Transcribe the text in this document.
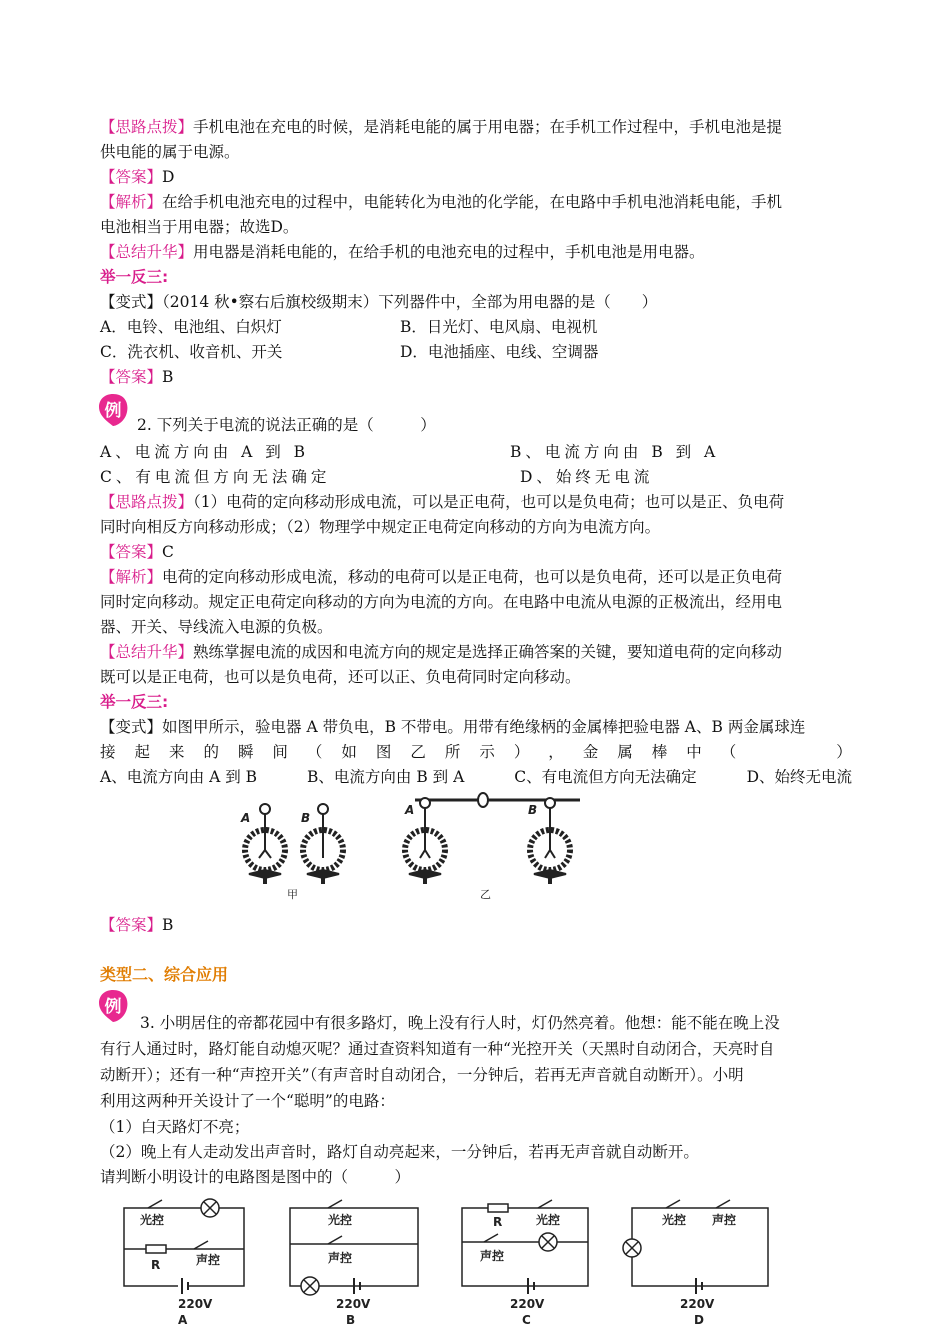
【思路点拨】手机电池在充电的时候，是消耗电能的属于用电器；在手机工作过程中，手机电池是提
供电能的属于电源。
【答案】D
【解析】在给手机电池充电的过程中，电能转化为电池的化学能，在电路中手机电池消耗电能，手机
电池相当于用电器；故选D。
【总结升华】用电器是消耗电能的，在给手机的电池充电的过程中，手机电池是用电器。
举一反三:
【变式】（2014 秋•察右后旗校级期末）下列器件中，全部为用电器的是（　　）
A．电铃、电池组、白炽灯	B．日光灯、电风扇、电视机
C．洗衣机、收音机、开关	D．电池插座、电线、空调器
【答案】B
例
2. 下列关于电流的说法正确的是（　　　）
A、电流方向由 A 到 B	B、电流方向由 B 到 A
C、有电流但方向无法确定	D、始终无电流
【思路点拨】（1）电荷的定向移动形成电流，可以是正电荷，也可以是负电荷；也可以是正、负电荷
同时向相反方向移动形成；（2）物理学中规定正电荷定向移动的方向为电流方向。
【答案】C
【解析】电荷的定向移动形成电流，移动的电荷可以是正电荷，也可以是负电荷，还可以是正负电荷
同时定向移动。规定正电荷定向移动的方向为电流的方向。在电路中电流从电源的正极流出，经用电
器、开关、导线流入电源的负极。
【总结升华】熟练掌握电流的成因和电流方向的规定是选择正确答案的关键，要知道电荷的定向移动
既可以是正电荷，也可以是负电荷，还可以正、负电荷同时定向移动。
举一反三:
【变式】如图甲所示，验电器 A 带负电，B 不带电。用带有绝缘柄的金属棒把验电器 A、B 两金属球连
接 起 来 的 瞬 间 （ 如 图 乙 所 示 ） ， 金 属 棒 中 （
　　　　	）
A、电流方向由 A 到 B	B、电流方向由 B 到 A	C、有电流但方向无法确定	D、始终无电流
A	B
A	B
甲	乙
【答案】B
类型二、综合应用
例
3. 小明居住的帝都花园中有很多路灯，晚上没有行人时，灯仍然亮着。他想：能不能在晚上没
有行人通过时，路灯能自动熄灭呢？通过查资料知道有一种“光控开关（天黑时自动闭合，天亮时自
动断开）；还有一种“声控开关”（有声音时自动闭合，一分钟后，若再无声音就自动断开）。小明
利用这两种开关设计了一个“聪明”的电路：
（1）白天路灯不亮；
（2）晚上有人走动发出声音时，路灯自动亮起来，一分钟后，若再无声音就自动断开。
请判断小明设计的电路图是图中的（　　　）
光控
R	声控
220V
A
光控
声控
220V
B
R	光控
声控
220V
C
光控 声控
220V
D
